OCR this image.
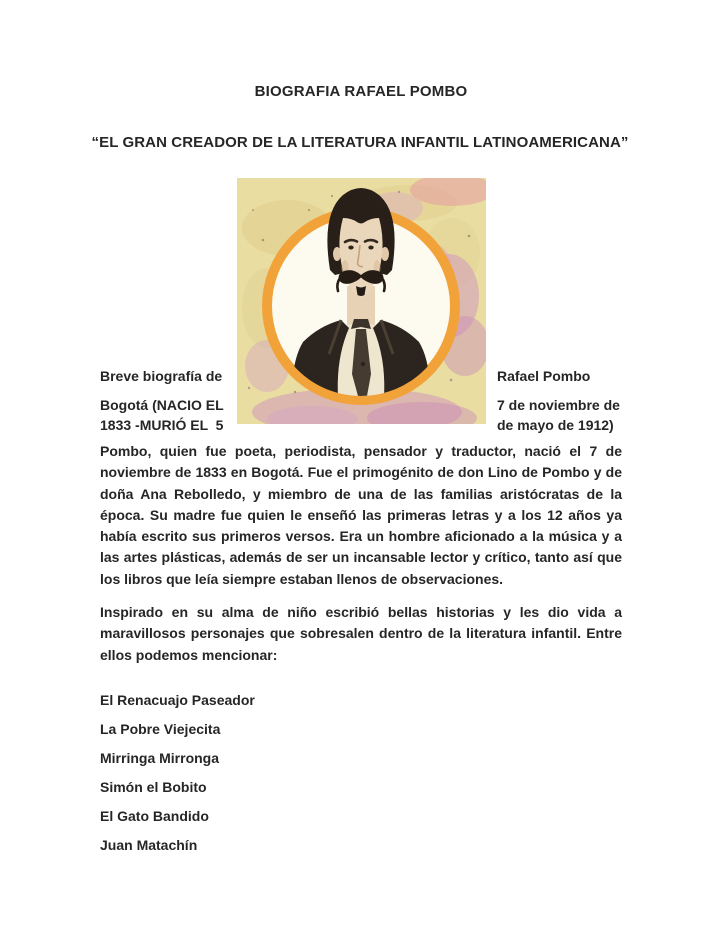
BIOGRAFIA RAFAEL POMBO
“EL GRAN CREADOR DE LA LITERATURA INFANTIL LATINOAMERICANA”
Breve biografía de
Bogotá (NACIO EL
1833 -MURIÓ EL  5
Rafael Pombo
7 de noviembre de
de mayo de 1912)
Pombo, quien fue poeta, periodista, pensador y traductor, nació el 7 de noviembre de 1833 en Bogotá. Fue el primogénito de don Lino de Pombo y de doña Ana Rebolledo, y miembro de una de las familias aristócratas de la época. Su madre fue quien le enseñó las primeras letras y a los 12 años ya había escrito sus primeros versos. Era un hombre aficionado a la música y a las artes plásticas, además de ser un incansable lector y crítico, tanto así que los libros que leía siempre estaban llenos de observaciones.
Inspirado en su alma de niño escribió bellas historias y les dio vida a maravillosos personajes que sobresalen dentro de la literatura infantil. Entre ellos podemos mencionar:
El Renacuajo Paseador
La Pobre Viejecita
Mirringa Mirronga
Simón el Bobito
El Gato Bandido
Juan Matachín
